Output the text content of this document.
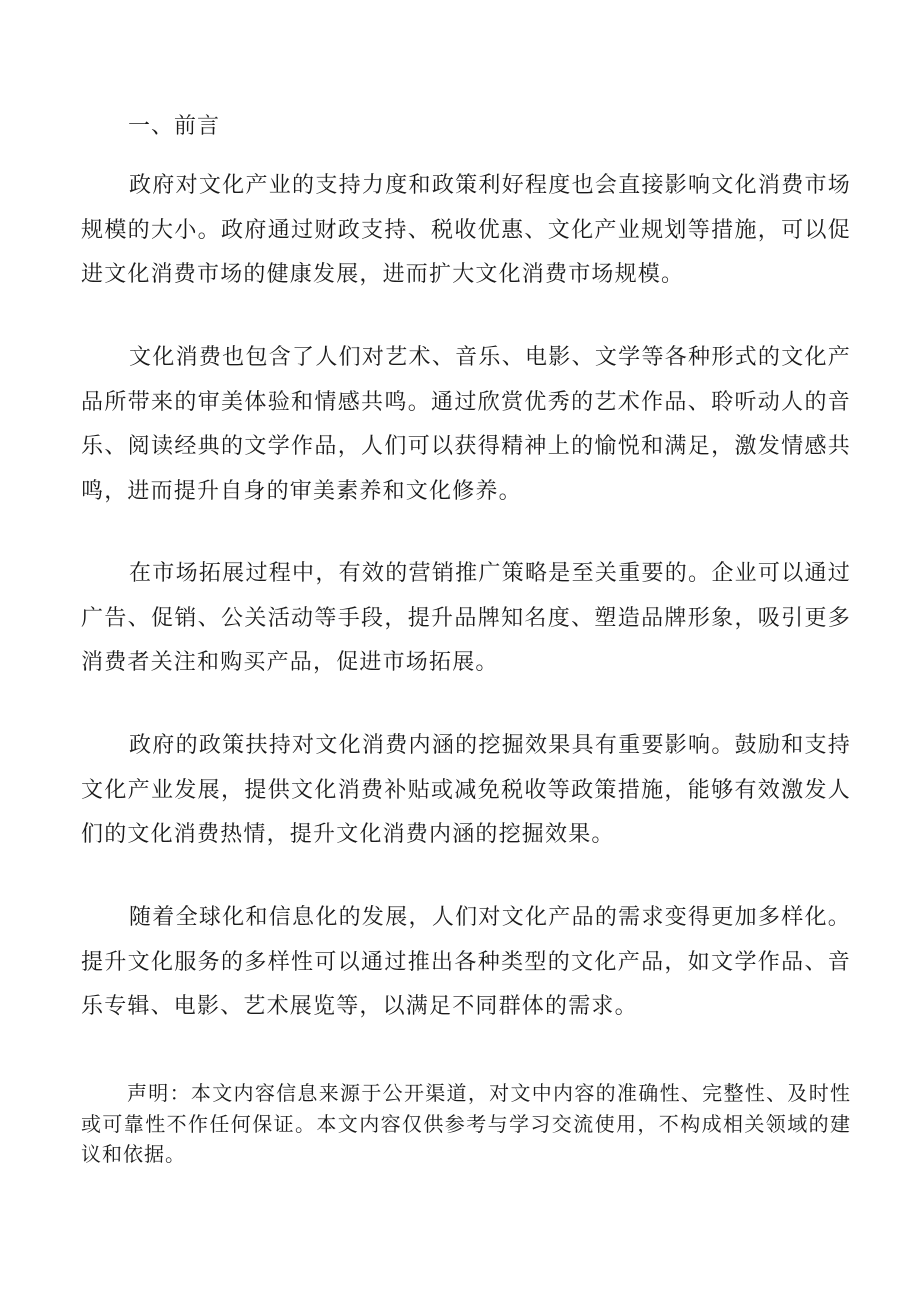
一、前言

政府对文化产业的支持力度和政策利好程度也会直接影响文化消费市场规模的大小。政府通过财政支持、税收优惠、文化产业规划等措施，可以促进文化消费市场的健康发展，进而扩大文化消费市场规模。

文化消费也包含了人们对艺术、音乐、电影、文学等各种形式的文化产品所带来的审美体验和情感共鸣。通过欣赏优秀的艺术作品、聆听动人的音乐、阅读经典的文学作品，人们可以获得精神上的愉悦和满足，激发情感共鸣，进而提升自身的审美素养和文化修养。

在市场拓展过程中，有效的营销推广策略是至关重要的。企业可以通过广告、促销、公关活动等手段，提升品牌知名度、塑造品牌形象，吸引更多消费者关注和购买产品，促进市场拓展。

政府的政策扶持对文化消费内涵的挖掘效果具有重要影响。鼓励和支持文化产业发展，提供文化消费补贴或减免税收等政策措施，能够有效激发人们的文化消费热情，提升文化消费内涵的挖掘效果。

随着全球化和信息化的发展，人们对文化产品的需求变得更加多样化。提升文化服务的多样性可以通过推出各种类型的文化产品，如文学作品、音乐专辑、电影、艺术展览等，以满足不同群体的需求。

声明：本文内容信息来源于公开渠道，对文中内容的准确性、完整性、及时性或可靠性不作任何保证。本文内容仅供参考与学习交流使用，不构成相关领域的建议和依据。
